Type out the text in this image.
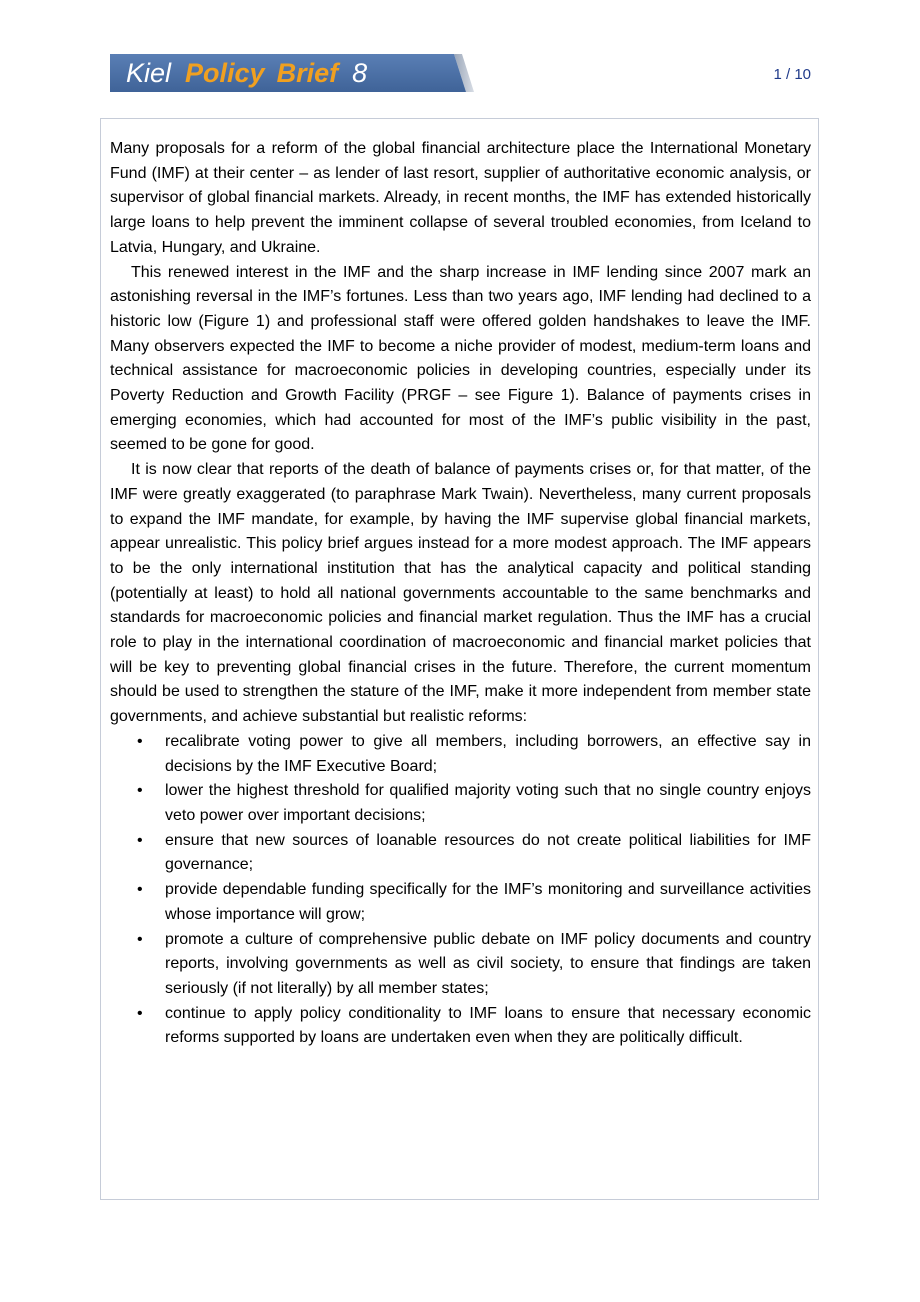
Kiel Policy Brief 8	1 / 10

Many proposals for a reform of the global financial architecture place the International Monetary Fund (IMF) at their center – as lender of last resort, supplier of authoritative economic analysis, or supervisor of global financial markets. Already, in recent months, the IMF has extended historically large loans to help prevent the imminent collapse of several troubled economies, from Iceland to Latvia, Hungary, and Ukraine.

This renewed interest in the IMF and the sharp increase in IMF lending since 2007 mark an astonishing reversal in the IMF’s fortunes. Less than two years ago, IMF lending had declined to a historic low (Figure 1) and professional staff were offered golden handshakes to leave the IMF. Many observers expected the IMF to become a niche provider of modest, medium-term loans and technical assistance for macroeconomic policies in developing countries, especially under its Poverty Reduction and Growth Facility (PRGF – see Figure 1). Balance of payments crises in emerging economies, which had accounted for most of the IMF’s public visibility in the past, seemed to be gone for good.

It is now clear that reports of the death of balance of payments crises or, for that matter, of the IMF were greatly exaggerated (to paraphrase Mark Twain). Nevertheless, many current proposals to expand the IMF mandate, for example, by having the IMF supervise global financial markets, appear unrealistic. This policy brief argues instead for a more modest approach. The IMF appears to be the only international institution that has the analytical capacity and political standing (potentially at least) to hold all national governments accountable to the same benchmarks and standards for macroeconomic policies and financial market regulation. Thus the IMF has a crucial role to play in the international coordination of macroeconomic and financial market policies that will be key to preventing global financial crises in the future. Therefore, the current momentum should be used to strengthen the stature of the IMF, make it more independent from member state governments, and achieve substantial but realistic reforms:

• recalibrate voting power to give all members, including borrowers, an effective say in decisions by the IMF Executive Board;
• lower the highest threshold for qualified majority voting such that no single country enjoys veto power over important decisions;
• ensure that new sources of loanable resources do not create political liabilities for IMF governance;
• provide dependable funding specifically for the IMF’s monitoring and surveillance activities whose importance will grow;
• promote a culture of comprehensive public debate on IMF policy documents and country reports, involving governments as well as civil society, to ensure that findings are taken seriously (if not literally) by all member states;
• continue to apply policy conditionality to IMF loans to ensure that necessary economic reforms supported by loans are undertaken even when they are politically difficult.
